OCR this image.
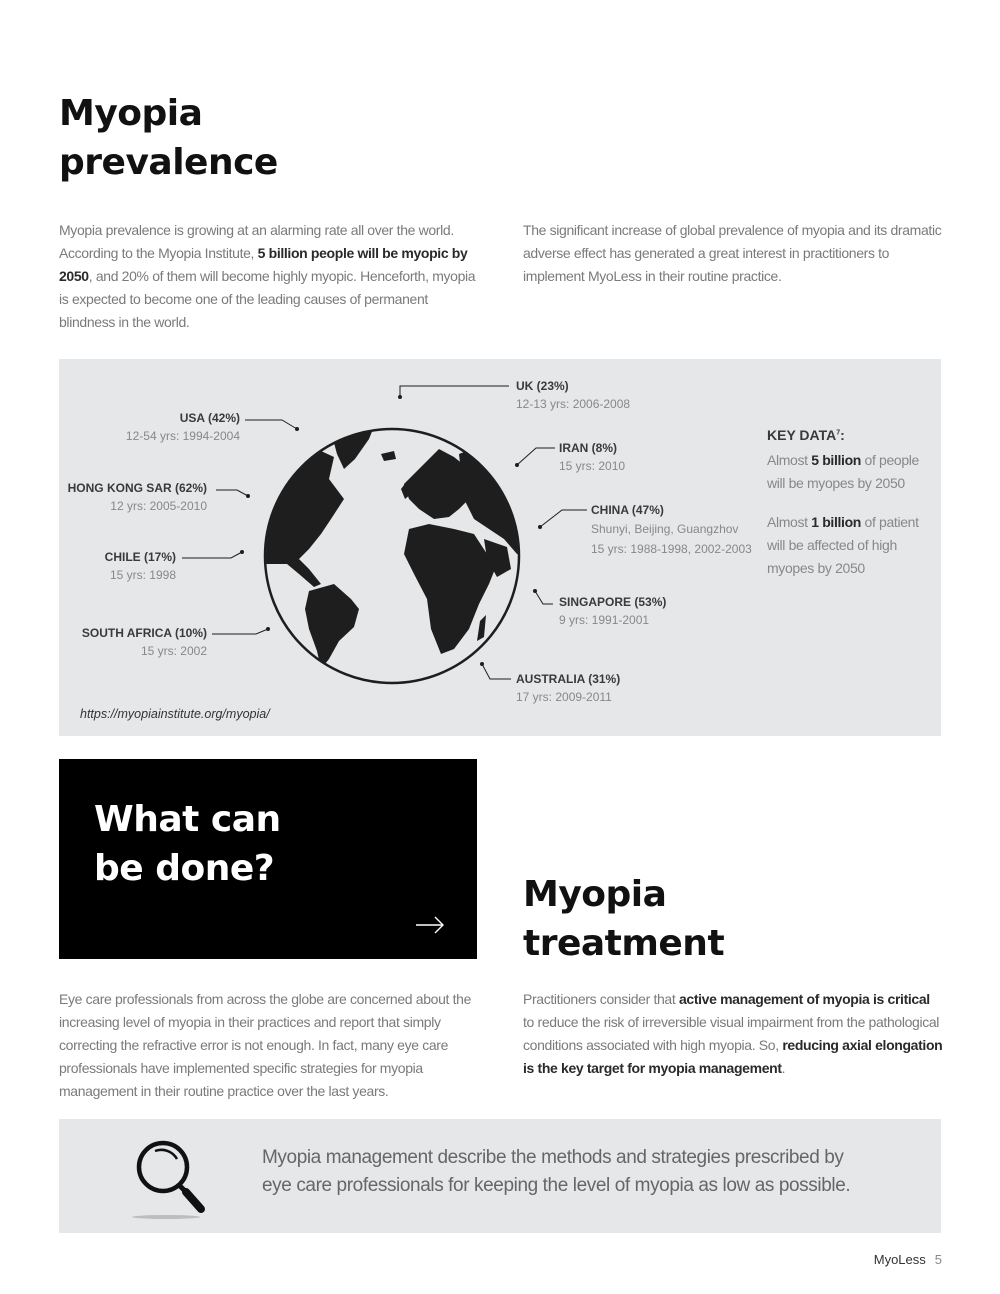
Myopia
prevalence

Myopia prevalence is growing at an alarming rate all over the world. According to the Myopia Institute, 5 billion people will be myopic by 2050, and 20% of them will become highly myopic. Henceforth, myopia is expected to become one of the leading causes of permanent blindness in the world.

The significant increase of global prevalence of myopia and its dramatic adverse effect has generated a great interest in practitioners to implement MyoLess in their routine practice.

USA (42%)
12-54 yrs: 1994-2004
HONG KONG SAR (62%)
12 yrs: 2005-2010
CHILE (17%)
15 yrs: 1998
SOUTH AFRICA (10%)
15 yrs: 2002
UK (23%)
12-13 yrs: 2006-2008
IRAN (8%)
15 yrs: 2010
CHINA (47%)
Shunyi, Beijing, Guangzhov
15 yrs: 1988-1998, 2002-2003
SINGAPORE (53%)
9 yrs: 1991-2001
AUSTRALIA (31%)
17 yrs: 2009-2011
KEY DATA$^7$:

Almost 5 billion of people will be myopes by 2050

Almost 1 billion of patient will be affected of high myopes by 2050

https://myopiainstitute.org/myopia/
What can
be done?
Myopia
treatment

Eye care professionals from across the globe are concerned about the increasing level of myopia in their practices and report that simply correcting the refractive error is not enough. In fact, many eye care professionals have implemented specific strategies for myopia management in their routine practice over the last years.

Practitioners consider that active management of myopia is critical to reduce the risk of irreversible visual impairment from the pathological conditions associated with high myopia. So, reducing axial elongation is the key target for myopia management.

Myopia management describe the methods and strategies prescribed by eye care professionals for keeping the level of myopia as low as possible.

MyoLess 5
